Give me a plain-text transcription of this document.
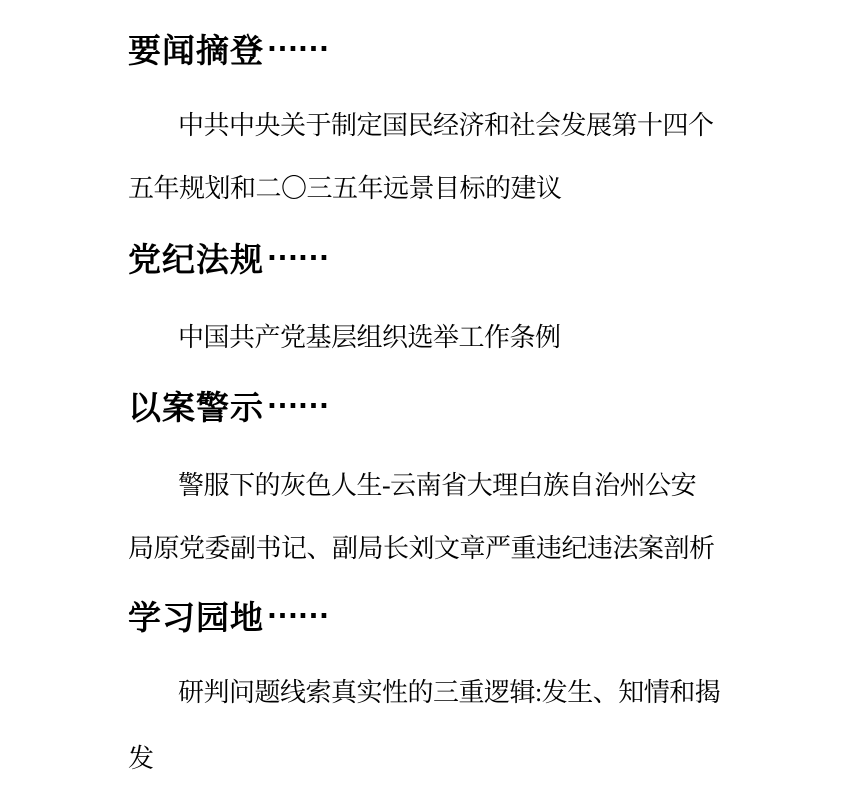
要闻摘登……
中共中央关于制定国民经济和社会发展第十四个
五年规划和二〇三五年远景目标的建议
党纪法规……
中国共产党基层组织选举工作条例
以案警示……
警服下的灰色人生-云南省大理白族自治州公安
局原党委副书记、副局长刘文章严重违纪违法案剖析
学习园地……
研判问题线索真实性的三重逻辑:发生、知情和揭
发
